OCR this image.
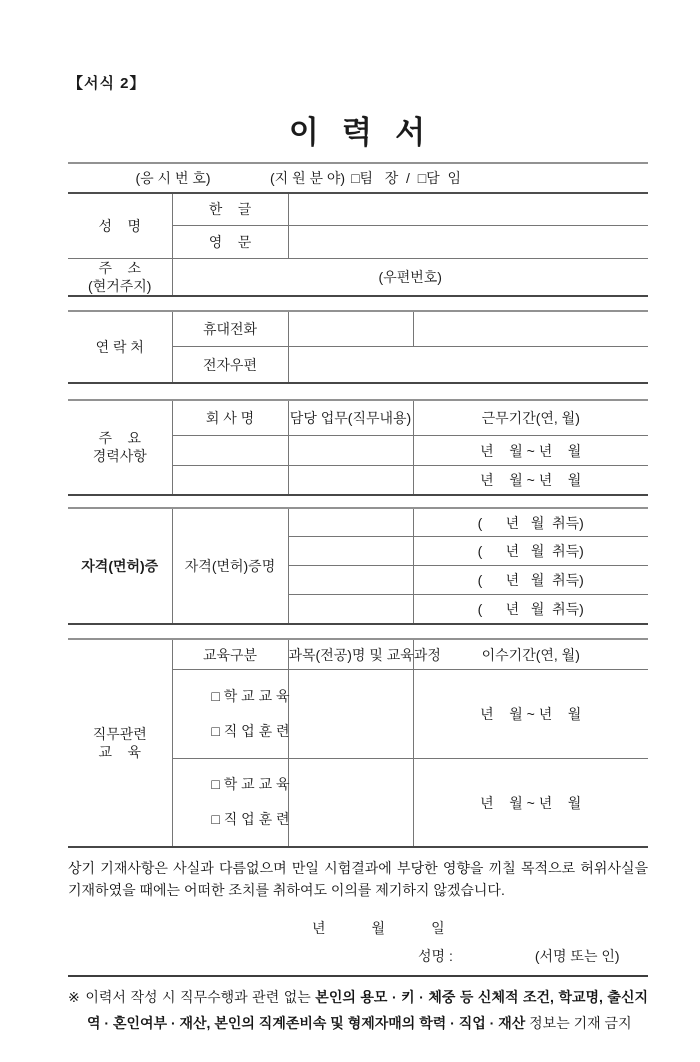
【서식 2】
이  력  서
(응 시 번 호) (지 원 분 야) □팀   장  /  □담  임		

성    명	한    글	
	영    문	

주    소
(현거주지)	(우편번호)	
연 락 처	휴대전화		
	전자우편		
주    요
경력사항	회 사 명	담당 업무(직무내용)	근무기간(연, 월)
			년    월 ~ 년    월
			년    월 ~ 년    월
자격(면허)증	자격(면허)증명		(      년   월  취득)
			(      년   월  취득)
			(      년   월  취득)
			(      년   월  취득)
직무관련
교    육	교육구분	과목(전공)명 및 교육과정	이수기간(연, 월)

□ 학 교 교 육

□ 직 업 훈 련		년    월 ~ 년    월

□ 학 교 교 육

□ 직 업 훈 련		년    월 ~ 년    월
상기 기재사항은 사실과 다름없으며 만일 시험결과에 부당한 영향을 끼칠 목적으로 허위사실을 기재하였을 때에는 어떠한 조치를 취하여도 이의를 제기하지 않겠습니다.
년	월	일
성명 :	(서명 또는 인)
※ 이력서 작성 시 직무수행과 관련 없는 본인의 용모 · 키 · 체중 등 신체적 조건, 학교명, 출신지역 · 혼인여부 · 재산, 본인의 직계존비속 및 형제자매의 학력 · 직업 · 재산 정보는 기재 금지
